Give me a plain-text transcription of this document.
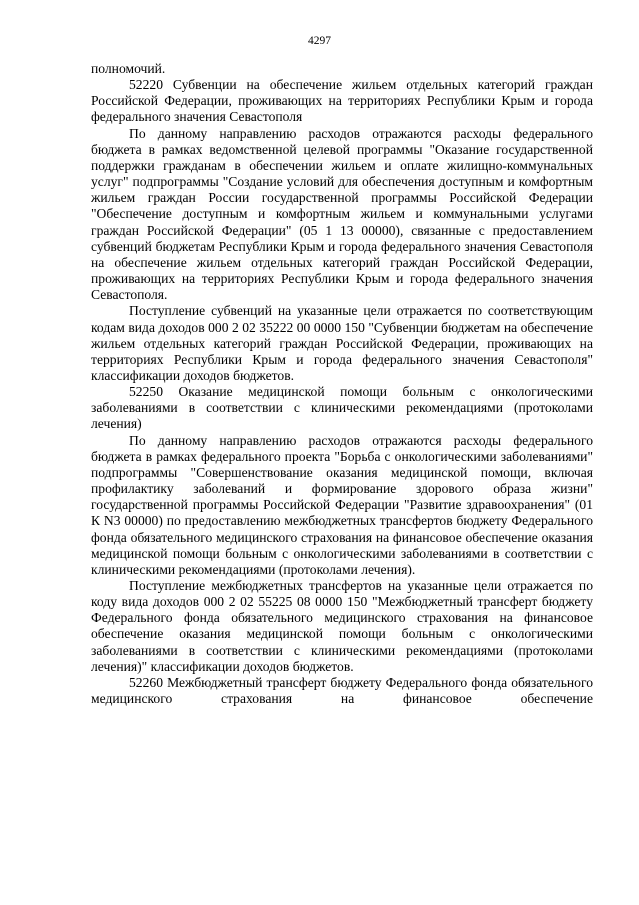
4297

полномочий.

52220 Субвенции на обеспечение жильем отдельных категорий граждан Российской Федерации, проживающих на территориях Республики Крым и города федерального значения Севастополя

По данному направлению расходов отражаются расходы федерального бюджета в рамках ведомственной целевой программы "Оказание государственной поддержки гражданам в обеспечении жильем и оплате жилищно-коммунальных услуг" подпрограммы "Создание условий для обеспечения доступным и комфортным жильем граждан России государственной программы Российской Федерации "Обеспечение доступным и комфортным жильем и коммунальными услугами граждан Российской Федерации" (05 1 13 00000), связанные с предоставлением субвенций бюджетам Республики Крым и города федерального значения Севастополя на обеспечение жильем отдельных категорий граждан Российской Федерации, проживающих на территориях Республики Крым и города федерального значения Севастополя.

Поступление субвенций на указанные цели отражается по соответствующим кодам вида доходов 000 2 02 35222 00 0000 150 "Субвенции бюджетам на обеспечение жильем отдельных категорий граждан Российской Федерации, проживающих на территориях Республики Крым и города федерального значения Севастополя" классификации доходов бюджетов.

52250 Оказание медицинской помощи больным с онкологическими заболеваниями в соответствии с клиническими рекомендациями (протоколами лечения)

По данному направлению расходов отражаются расходы федерального бюджета в рамках федерального проекта "Борьба с онкологическими заболеваниями" подпрограммы "Совершенствование оказания медицинской помощи, включая профилактику заболеваний и формирование здорового образа жизни" государственной программы Российской Федерации "Развитие здравоохранения" (01 К N3 00000) по предоставлению межбюджетных трансфертов бюджету Федерального фонда обязательного медицинского страхования на финансовое обеспечение оказания медицинской помощи больным с онкологическими заболеваниями в соответствии с клиническими рекомендациями (протоколами лечения).

Поступление межбюджетных трансфертов на указанные цели отражается по коду вида доходов 000 2 02 55225 08 0000 150 "Межбюджетный трансферт бюджету Федерального фонда обязательного медицинского страхования на финансовое обеспечение оказания медицинской помощи больным с онкологическими заболеваниями в соответствии с клиническими рекомендациями (протоколами лечения)" классификации доходов бюджетов.

52260 Межбюджетный трансферт бюджету Федерального фонда обязательного медицинского страхования на финансовое обеспечение
